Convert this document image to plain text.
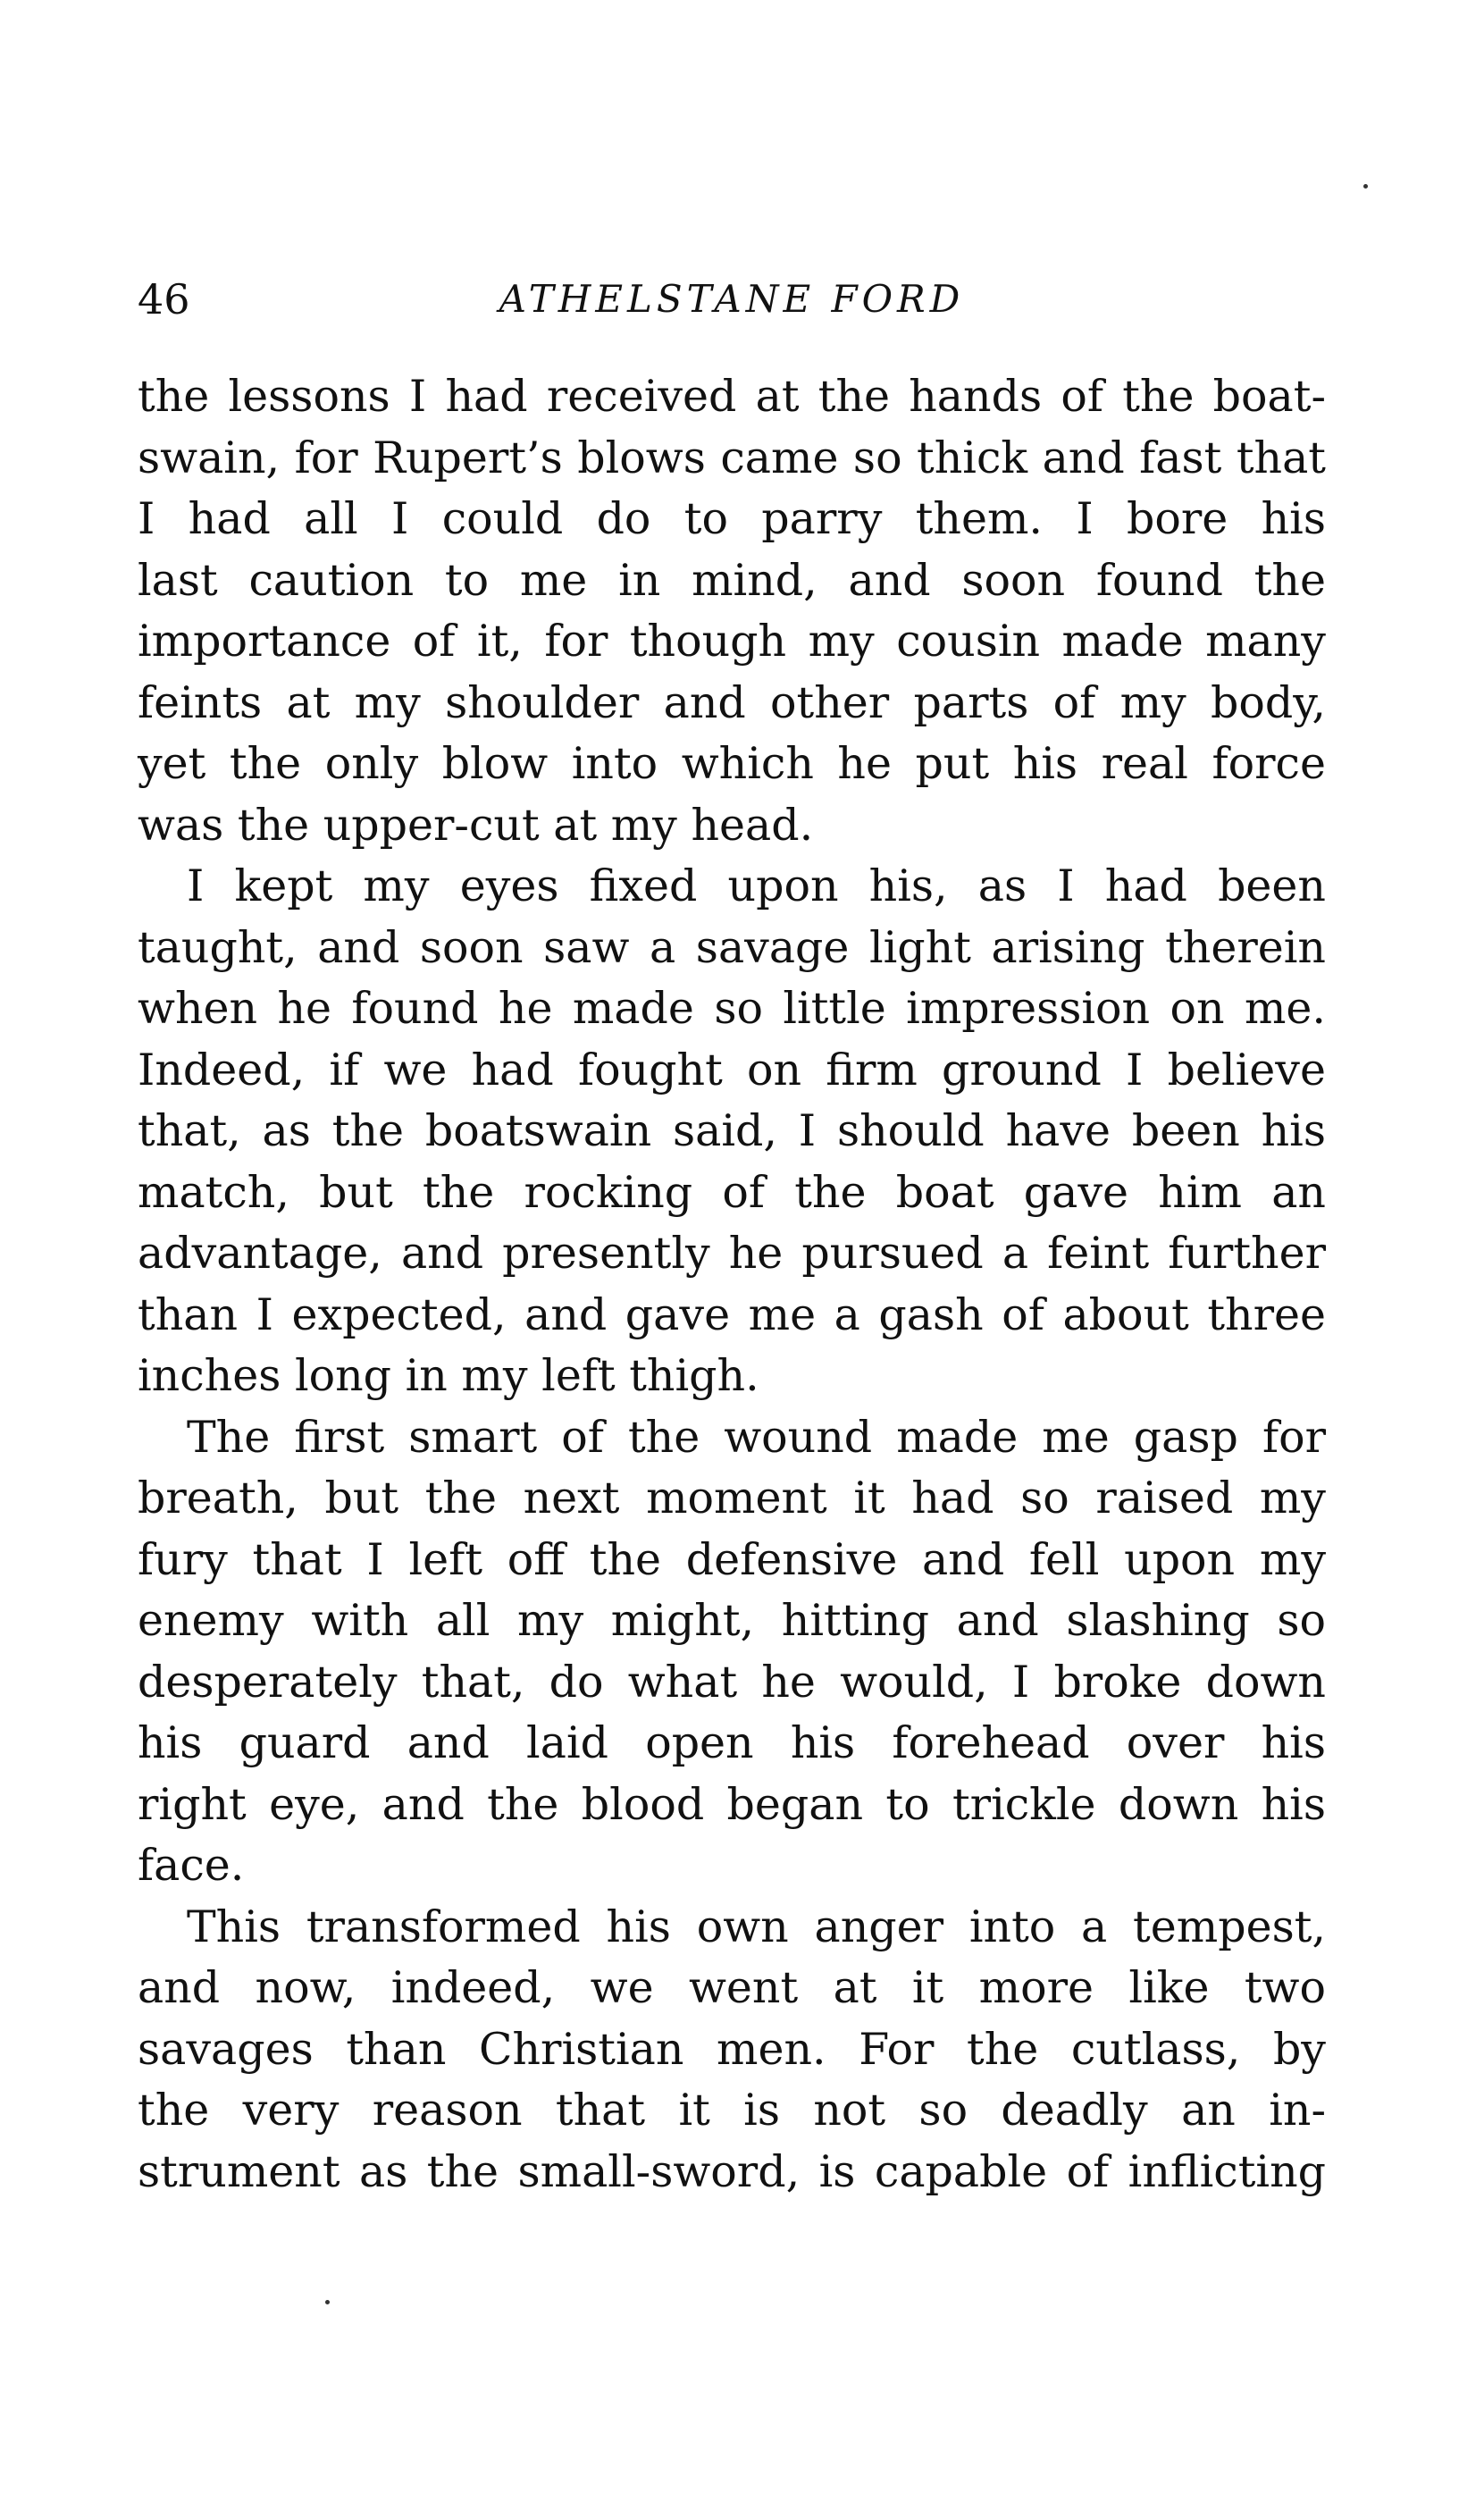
46	ATHELSTANE FORD
the lessons I had received at the hands of the boat-
swain, for Rupert’s blows came so thick and fast that
I had all I could do to parry them. I bore his
last caution to me in mind, and soon found the
importance of it, for though my cousin made many
feints at my shoulder and other parts of my body,
yet the only blow into which he put his real force
was the upper-cut at my head.
I kept my eyes fixed upon his, as I had been
taught, and soon saw a savage light arising therein
when he found he made so little impression on me.
Indeed, if we had fought on firm ground I believe
that, as the boatswain said, I should have been his
match, but the rocking of the boat gave him an
advantage, and presently he pursued a feint further
than I expected, and gave me a gash of about three
inches long in my left thigh.
The first smart of the wound made me gasp for
breath, but the next moment it had so raised my
fury that I left off the defensive and fell upon my
enemy with all my might, hitting and slashing so
desperately that, do what he would, I broke down
his guard and laid open his forehead over his
right eye, and the blood began to trickle down his
face.
This transformed his own anger into a tempest,
and now, indeed, we went at it more like two
savages than Christian men. For the cutlass, by
the very reason that it is not so deadly an in-
strument as the small-sword, is capable of inflicting
